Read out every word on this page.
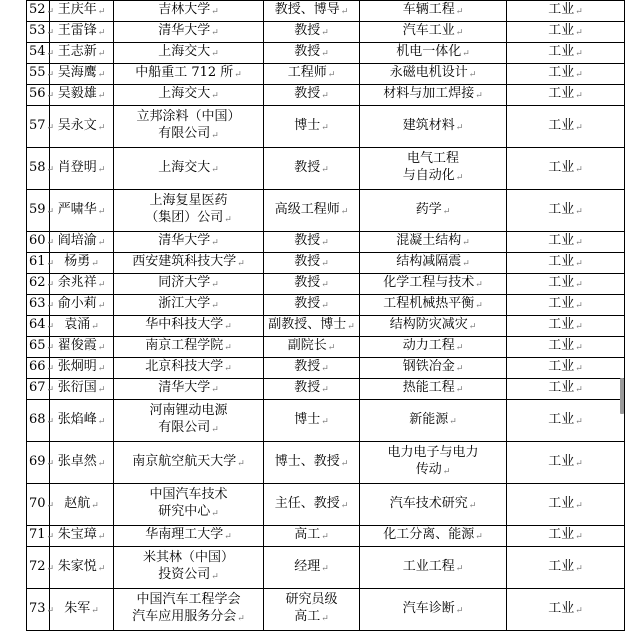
52↵	王庆年↵	吉林大学↵	教授、博导↵	车辆工程↵	工业↵

53↵	王雷锋↵	清华大学↵	教授↵	汽车工业↵	工业↵

54↵	王志新↵	上海交大↵	教授↵	机电一体化↵	工业↵

55↵	吴海鹰↵	中船重工 712 所↵	工程师↵	永磁电机设计↵	工业↵

56↵	吴毅雄↵	上海交大↵	教授↵	材料与加工焊接↵	工业↵

57↵	吴永文↵	立邦涂料（中国）
有限公司↵	博士↵	建筑材料↵	工业↵

58↵	肖登明↵	上海交大↵	教授↵	电气工程
与自动化↵	工业↵

59↵	严啸华↵	上海复星医药
（集团）公司↵	高级工程师↵	药学↵	工业↵

60↵	阎培渝↵	清华大学↵	教授↵	混凝土结构↵	工业↵

61↵	杨勇↵	西安建筑科技大学↵	教授↵	结构减隔震↵	工业↵

62↵	余兆祥↵	同济大学↵	教授↵	化学工程与技术↵	工业↵

63↵	俞小莉↵	浙江大学↵	教授↵	工程机械热平衡↵	工业↵

64↵	袁涌↵	华中科技大学↵	副教授、博士↵	结构防灾减灾↵	工业↵

65↵	翟俊霞↵	南京工程学院↵	副院长↵	动力工程↵	工业↵

66↵	张炯明↵	北京科技大学↵	教授↵	钢铁冶金↵	工业↵

67↵	张衍国↵	清华大学↵	教授↵	热能工程↵	工业↵

68↵	张焰峰↵	河南锂动电源
有限公司↵	博士↵	新能源↵	工业↵

69↵	张卓然↵	南京航空航天大学↵	博士、教授↵	电力电子与电力
传动↵	工业↵

70↵	赵航↵	中国汽车技术
研究中心↵	主任、教授↵	汽车技术研究↵	工业↵

71↵	朱宝璋↵	华南理工大学↵	高工↵	化工分离、能源↵	工业↵

72↵	朱家悦↵	米其林（中国）
投资公司↵	经理↵	工业工程↵	工业↵

73↵	朱军↵	中国汽车工程学会
汽车应用服务分会↵	研究员级
高工↵	汽车诊断↵	工业↵
